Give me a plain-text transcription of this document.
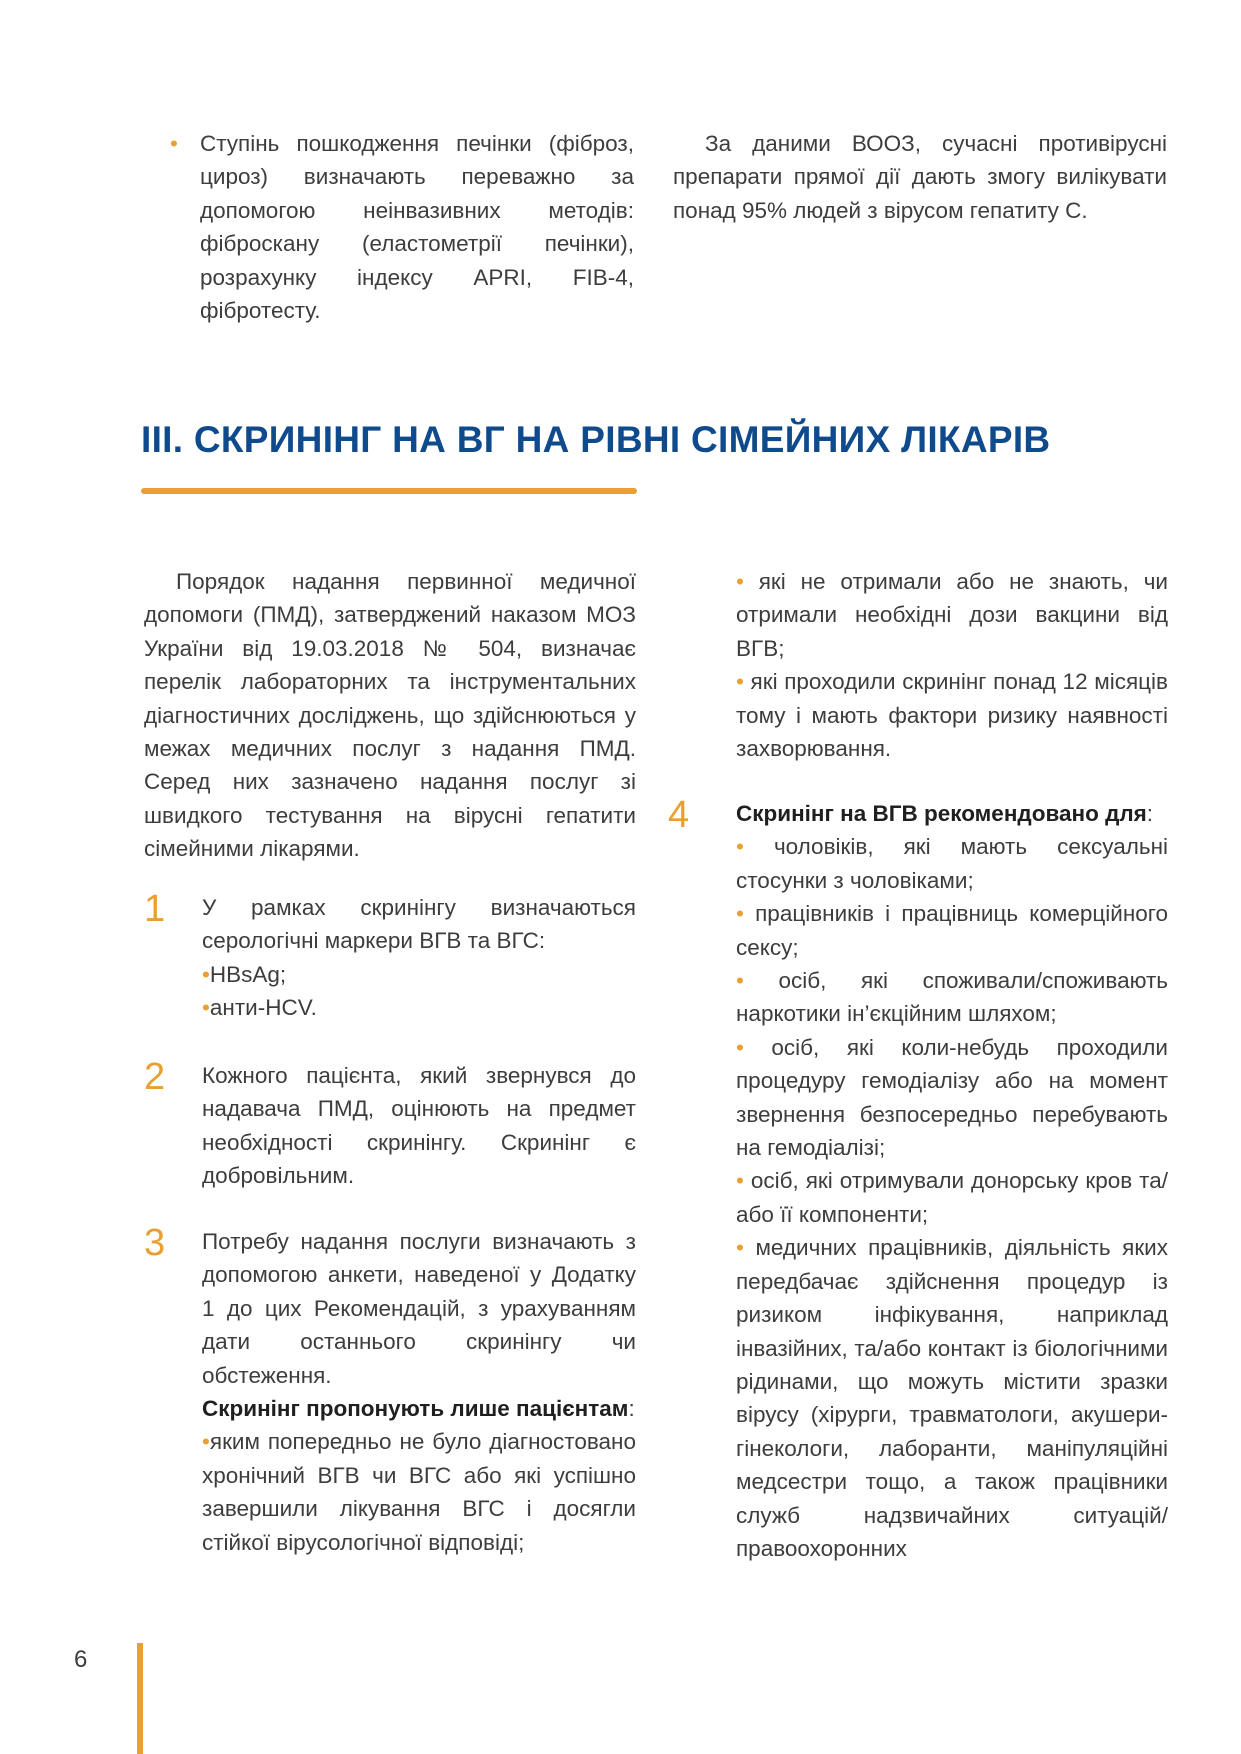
• Ступінь пошкодження печінки (фіброз, цироз) визначають переважно за допомогою неінвазивних методів: фіброскану (еластометрії печінки), розрахунку індексу APRI, FIB-4, фібротесту.

За даними ВООЗ, сучасні противірусні препарати прямої дії дають змогу вилікувати понад 95% людей з вірусом гепатиту С.

ІІІ. СКРИНІНГ НА ВГ НА РІВНІ СІМЕЙНИХ ЛІКАРІВ

Порядок надання первинної медичної допомоги (ПМД), затверджений наказом МОЗ України від 19.03.2018 № 504, визначає перелік лабораторних та інструментальних діагностичних досліджень, що здійснюються у межах медичних послуг з надання ПМД. Серед них зазначено надання послуг зі швидкого тестування на вірусні гепатити сімейними лікарями.

1 У рамках скринінгу визначаються серологічні маркери ВГВ та ВГС:

•HBsAg;

•анти-HCV.

2 Кожного пацієнта, який звернувся до надавача ПМД, оцінюють на предмет необхідності скринінгу. Скринінг є добровільним.

3 Потребу надання послуги визначають з допомогою анкети, наведеної у Додатку 1 до цих Рекомендацій, з урахуванням дати останнього скринінгу чи обстеження.

Скринінг пропонують лише пацієнтам:

•яким попередньо не було діагностовано хронічний ВГВ чи ВГС або які успішно завершили лікування ВГС і досягли стійкої вірусологічної відповіді;

• які не отримали або не знають, чи отримали необхідні дози вакцини від ВГВ;

• які проходили скринінг понад 12 місяців тому і мають фактори ризику наявності захворювання.

4 Скринінг на ВГВ рекомендовано для:

• чоловіків, які мають сексуальні стосунки з чоловіками;

• працівників і працівниць комерційного сексу;

• осіб, які споживали/споживають наркотики ін’єкційним шляхом;

• осіб, які коли-небудь проходили процедуру гемодіалізу або на момент звернення безпосередньо перебувають на гемодіалізі;

• осіб, які отримували донорську кров та/або її компоненти;

• медичних працівників, діяльність яких передбачає здійснення процедур із ризиком інфікування, наприклад інвазійних, та/або контакт із біологічними рідинами, що можуть містити зразки вірусу (хірурги, травматологи, акушери-гінекологи, лаборанти, маніпуляційні медсестри тощо, а також працівники служб надзвичайних ситуацій/правоохоронних

6
